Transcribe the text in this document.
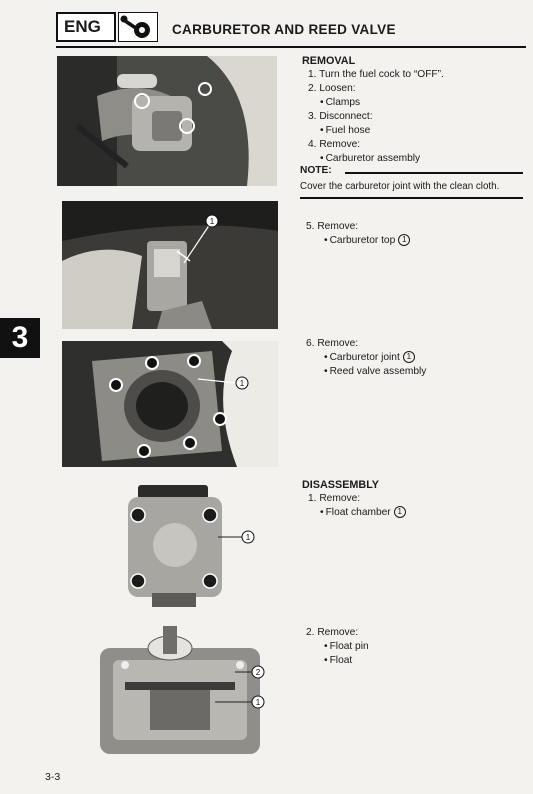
ENG	CARBURETOR AND REED VALVE
3
REMOVAL
1. Turn the fuel cock to “OFF”.
2. Loosen:
• Clamps
3. Disconnect:
• Fuel hose
4. Remove:
• Carburetor assembly
NOTE:
Cover the carburetor joint with the clean cloth.
1	5. Remove:
• Carburetor top 1
1
6. Remove:
• Carburetor joint 1
• Reed valve assembly
1
DISASSEMBLY
1. Remove:
• Float chamber 1
2
1
2. Remove:
• Float pin
• Float
3-3
